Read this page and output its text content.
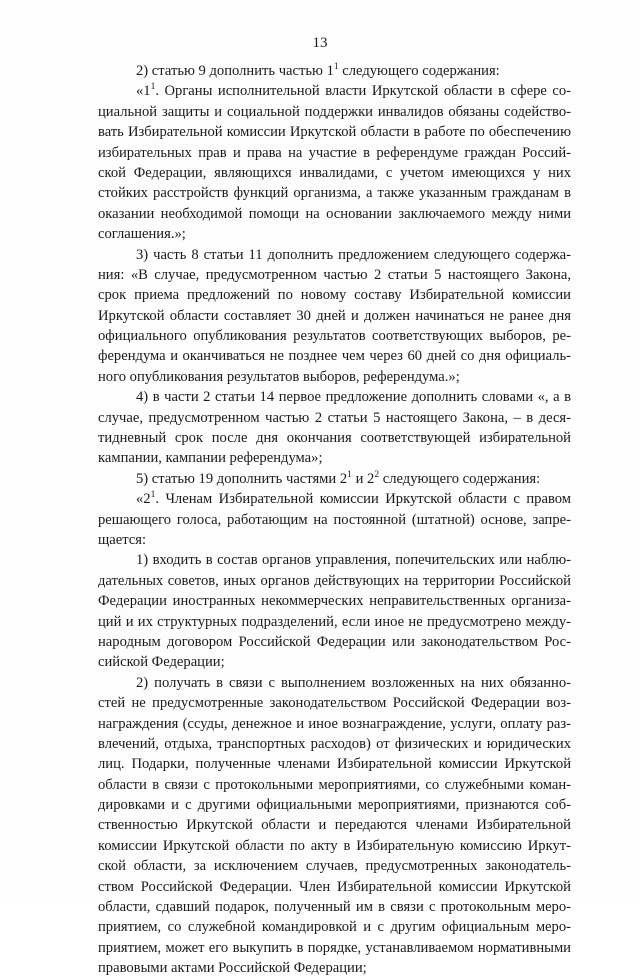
13
2) статью 9 дополнить частью $1^1$ следующего содержания:
«$1^1$. Органы исполнительной власти Иркутской области в сфере со-
циальной защиты и социальной поддержки инвалидов обязаны содейство-
вать Избирательной комиссии Иркутской области в работе по обеспечению
избирательных прав и права на участие в референдуме граждан Россий-
ской Федерации, являющихся инвалидами, с учетом имеющихся у них
стойких расстройств функций организма, а также указанным гражданам в
оказании необходимой помощи на основании заключаемого между ними
соглашения.»;
3) часть 8 статьи 11 дополнить предложением следующего содержа-
ния: «В случае, предусмотренном частью 2 статьи 5 настоящего Закона,
срок приема предложений по новому составу Избирательной комиссии
Иркутской области составляет 30 дней и должен начинаться не ранее дня
официального опубликования результатов соответствующих выборов, ре-
ферендума и оканчиваться не позднее чем через 60 дней со дня официаль-
ного опубликования результатов выборов, референдума.»;
4) в части 2 статьи 14 первое предложение дополнить словами «, а в
случае, предусмотренном частью 2 статьи 5 настоящего Закона, – в деся-
тидневный срок после дня окончания соответствующей избирательной
кампании, кампании референдума»;
5) статью 19 дополнить частями $2^1$ и $2^2$ следующего содержания:
«$2^1$. Членам Избирательной комиссии Иркутской области с правом
решающего голоса, работающим на постоянной (штатной) основе, запре-
щается:
1) входить в состав органов управления, попечительских или наблю-
дательных советов, иных органов действующих на территории Российской
Федерации иностранных некоммерческих неправительственных организа-
ций и их структурных подразделений, если иное не предусмотрено между-
народным договором Российской Федерации или законодательством Рос-
сийской Федерации;
2) получать в связи с выполнением возложенных на них обязанно-
стей не предусмотренные законодательством Российской Федерации воз-
награждения (ссуды, денежное и иное вознаграждение, услуги, оплату раз-
влечений, отдыха, транспортных расходов) от физических и юридических
лиц. Подарки, полученные членами Избирательной комиссии Иркутской
области в связи с протокольными мероприятиями, со служебными коман-
дировками и с другими официальными мероприятиями, признаются соб-
ственностью Иркутской области и передаются членами Избирательной
комиссии Иркутской области по акту в Избирательную комиссию Иркут-
ской области, за исключением случаев, предусмотренных законодатель-
ством Российской Федерации. Член Избирательной комиссии Иркутской
области, сдавший подарок, полученный им в связи с протокольным меро-
приятием, со служебной командировкой и с другим официальным меро-
приятием, может его выкупить в порядке, устанавливаемом нормативными
правовыми актами Российской Федерации;
